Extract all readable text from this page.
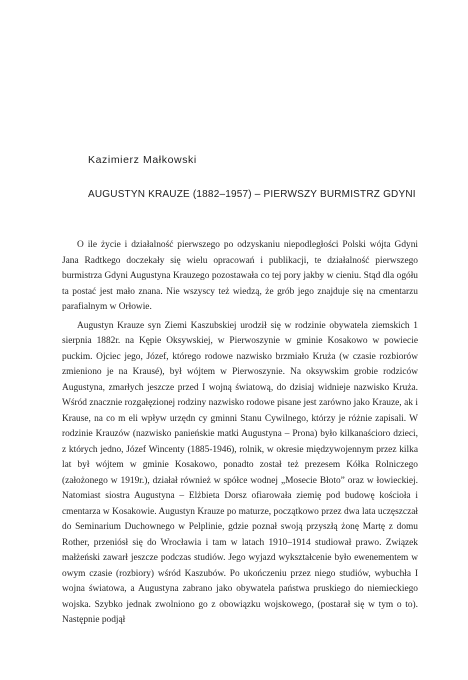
Kazimierz Małkowski
AUGUSTYN KRAUZE (1882–1957) – PIERWSZY BURMISTRZ GDYNI

O ile życie i działalność pierwszego po odzyskaniu niepodległości Polski wójta Gdyni Jana Radtkego doczekały się wielu opracowań i publikacji, te działalność pierwszego burmistrza Gdyni Augustyna Krauzego pozostawała co tej pory jakby w cieniu. Stąd dla ogółu ta postać jest mało znana. Nie wszyscy też wiedzą, że grób jego znajduje się na cmentarzu parafialnym w Orłowie.

Augustyn Krauze syn Ziemi Kaszubskiej urodził się w rodzinie obywatela ziemskich 1 sierpnia 1882r. na Kępie Oksywskiej, w Pierwoszynie w gminie Kosakowo w powiecie puckim. Ojciec jego, Józef, którego rodowe nazwisko brzmiało Kruża (w czasie rozbiorów zmieniono je na Krausé), był wójtem w Pierwoszynie. Na oksywskim grobie rodziców Augustyna, zmarłych jeszcze przed I wojną światową, do dzisiaj widnieje nazwisko Kruża. Wśród znacznie rozgałęzionej rodziny nazwisko rodowe pisane jest zarówno jako Krauze, ak i Krause, na co m eli wpływ urzędn cy gminni Stanu Cywilnego, którzy je różnie zapisali. W rodzinie Krauzów (nazwisko panieńskie matki Augustyna – Prona) było kilkanaściorо dzieci, z których jedno, Józef Wincenty (1885-1946), rolnik, w okresie międzywojennym przez kilka lat był wójtem w gminie Kosakowo, ponadto został też prezesem Kółka Rolniczego (założonego w 1919r.), działał również w spółce wodnej „Mosecie Błoto” oraz w łowieckiej. Natomiast siostra Augustyna – Elżbieta Dorsz ofiarowała ziemię pod budowę kościoła i cmentarza w Kosakowie. Augustyn Krauze po maturze, początkowo przez dwa lata uczęszczał do Seminarium Duchownego w Pelplinie, gdzie poznał swoją przyszłą żonę Martę z domu Rother, przeniósł się do Wrocławia i tam w latach 1910–1914 studiował prawo. Związek małżeński zawarł jeszcze podczas studiów. Jego wyjazd wykształcenie było ewenementem w owym czasie (rozbiory) wśród Kaszubów. Po ukończeniu przez niego studiów, wybuchła I wojna światowa, a Augustyna zabrano jako obywatela państwa pruskiego do niemieckiego wojska. Szybko jednak zwolniono go z obowiązku wojskowego, (postarał się w tym o to). Następnie podjął
